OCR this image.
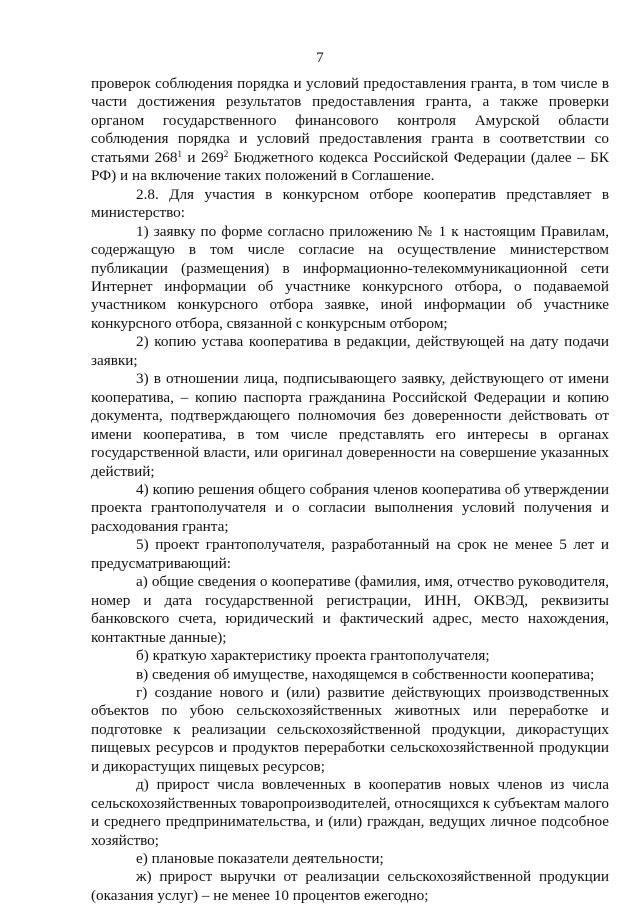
7

проверок соблюдения порядка и условий предоставления гранта, в том числе в части достижения результатов предоставления гранта, а также проверки органом государственного финансового контроля Амурской области соблюдения порядка и условий предоставления гранта в соответствии со статьями $268^1$ и $269^2$ Бюджетного кодекса Российской Федерации (далее – БК РФ) и на включение таких положений в Соглашение.

2.8. Для участия в конкурсном отборе кооператив представляет в министерство:

1) заявку по форме согласно приложению № 1 к настоящим Правилам, содержащую в том числе согласие на осуществление министерством публикации (размещения) в информационно-телекоммуникационной сети Интернет информации об участнике конкурсного отбора, о подаваемой участником конкурсного отбора заявке, иной информации об участнике конкурсного отбора, связанной с конкурсным отбором;

2) копию устава кооператива в редакции, действующей на дату подачи заявки;

3) в отношении лица, подписывающего заявку, действующего от имени кооператива, – копию паспорта гражданина Российской Федерации и копию документа, подтверждающего полномочия без доверенности действовать от имени кооператива, в том числе представлять его интересы в органах государственной власти, или оригинал доверенности на совершение указанных действий;

4) копию решения общего собрания членов кооператива об утверждении проекта грантополучателя и о согласии выполнения условий получения и расходования гранта;

5) проект грантополучателя, разработанный на срок не менее 5 лет и предусматривающий:

а) общие сведения о кооперативе (фамилия, имя, отчество руководителя, номер и дата государственной регистрации, ИНН, ОКВЭД, реквизиты банковского счета, юридический и фактический адрес, место нахождения, контактные данные);

б) краткую характеристику проекта грантополучателя;

в) сведения об имуществе, находящемся в собственности кооператива;

г) создание нового и (или) развитие действующих производственных объектов по убою сельскохозяйственных животных или переработке и подготовке к реализации сельскохозяйственной продукции, дикорастущих пищевых ресурсов и продуктов переработки сельскохозяйственной продукции и дикорастущих пищевых ресурсов;

д) прирост числа вовлеченных в кооператив новых членов из числа сельскохозяйственных товаропроизводителей, относящихся к субъектам малого и среднего предпринимательства, и (или) граждан, ведущих личное подсобное хозяйство;

е) плановые показатели деятельности;

ж) прирост выручки от реализации сельскохозяйственной продукции (оказания услуг) – не менее 10 процентов ежегодно;
